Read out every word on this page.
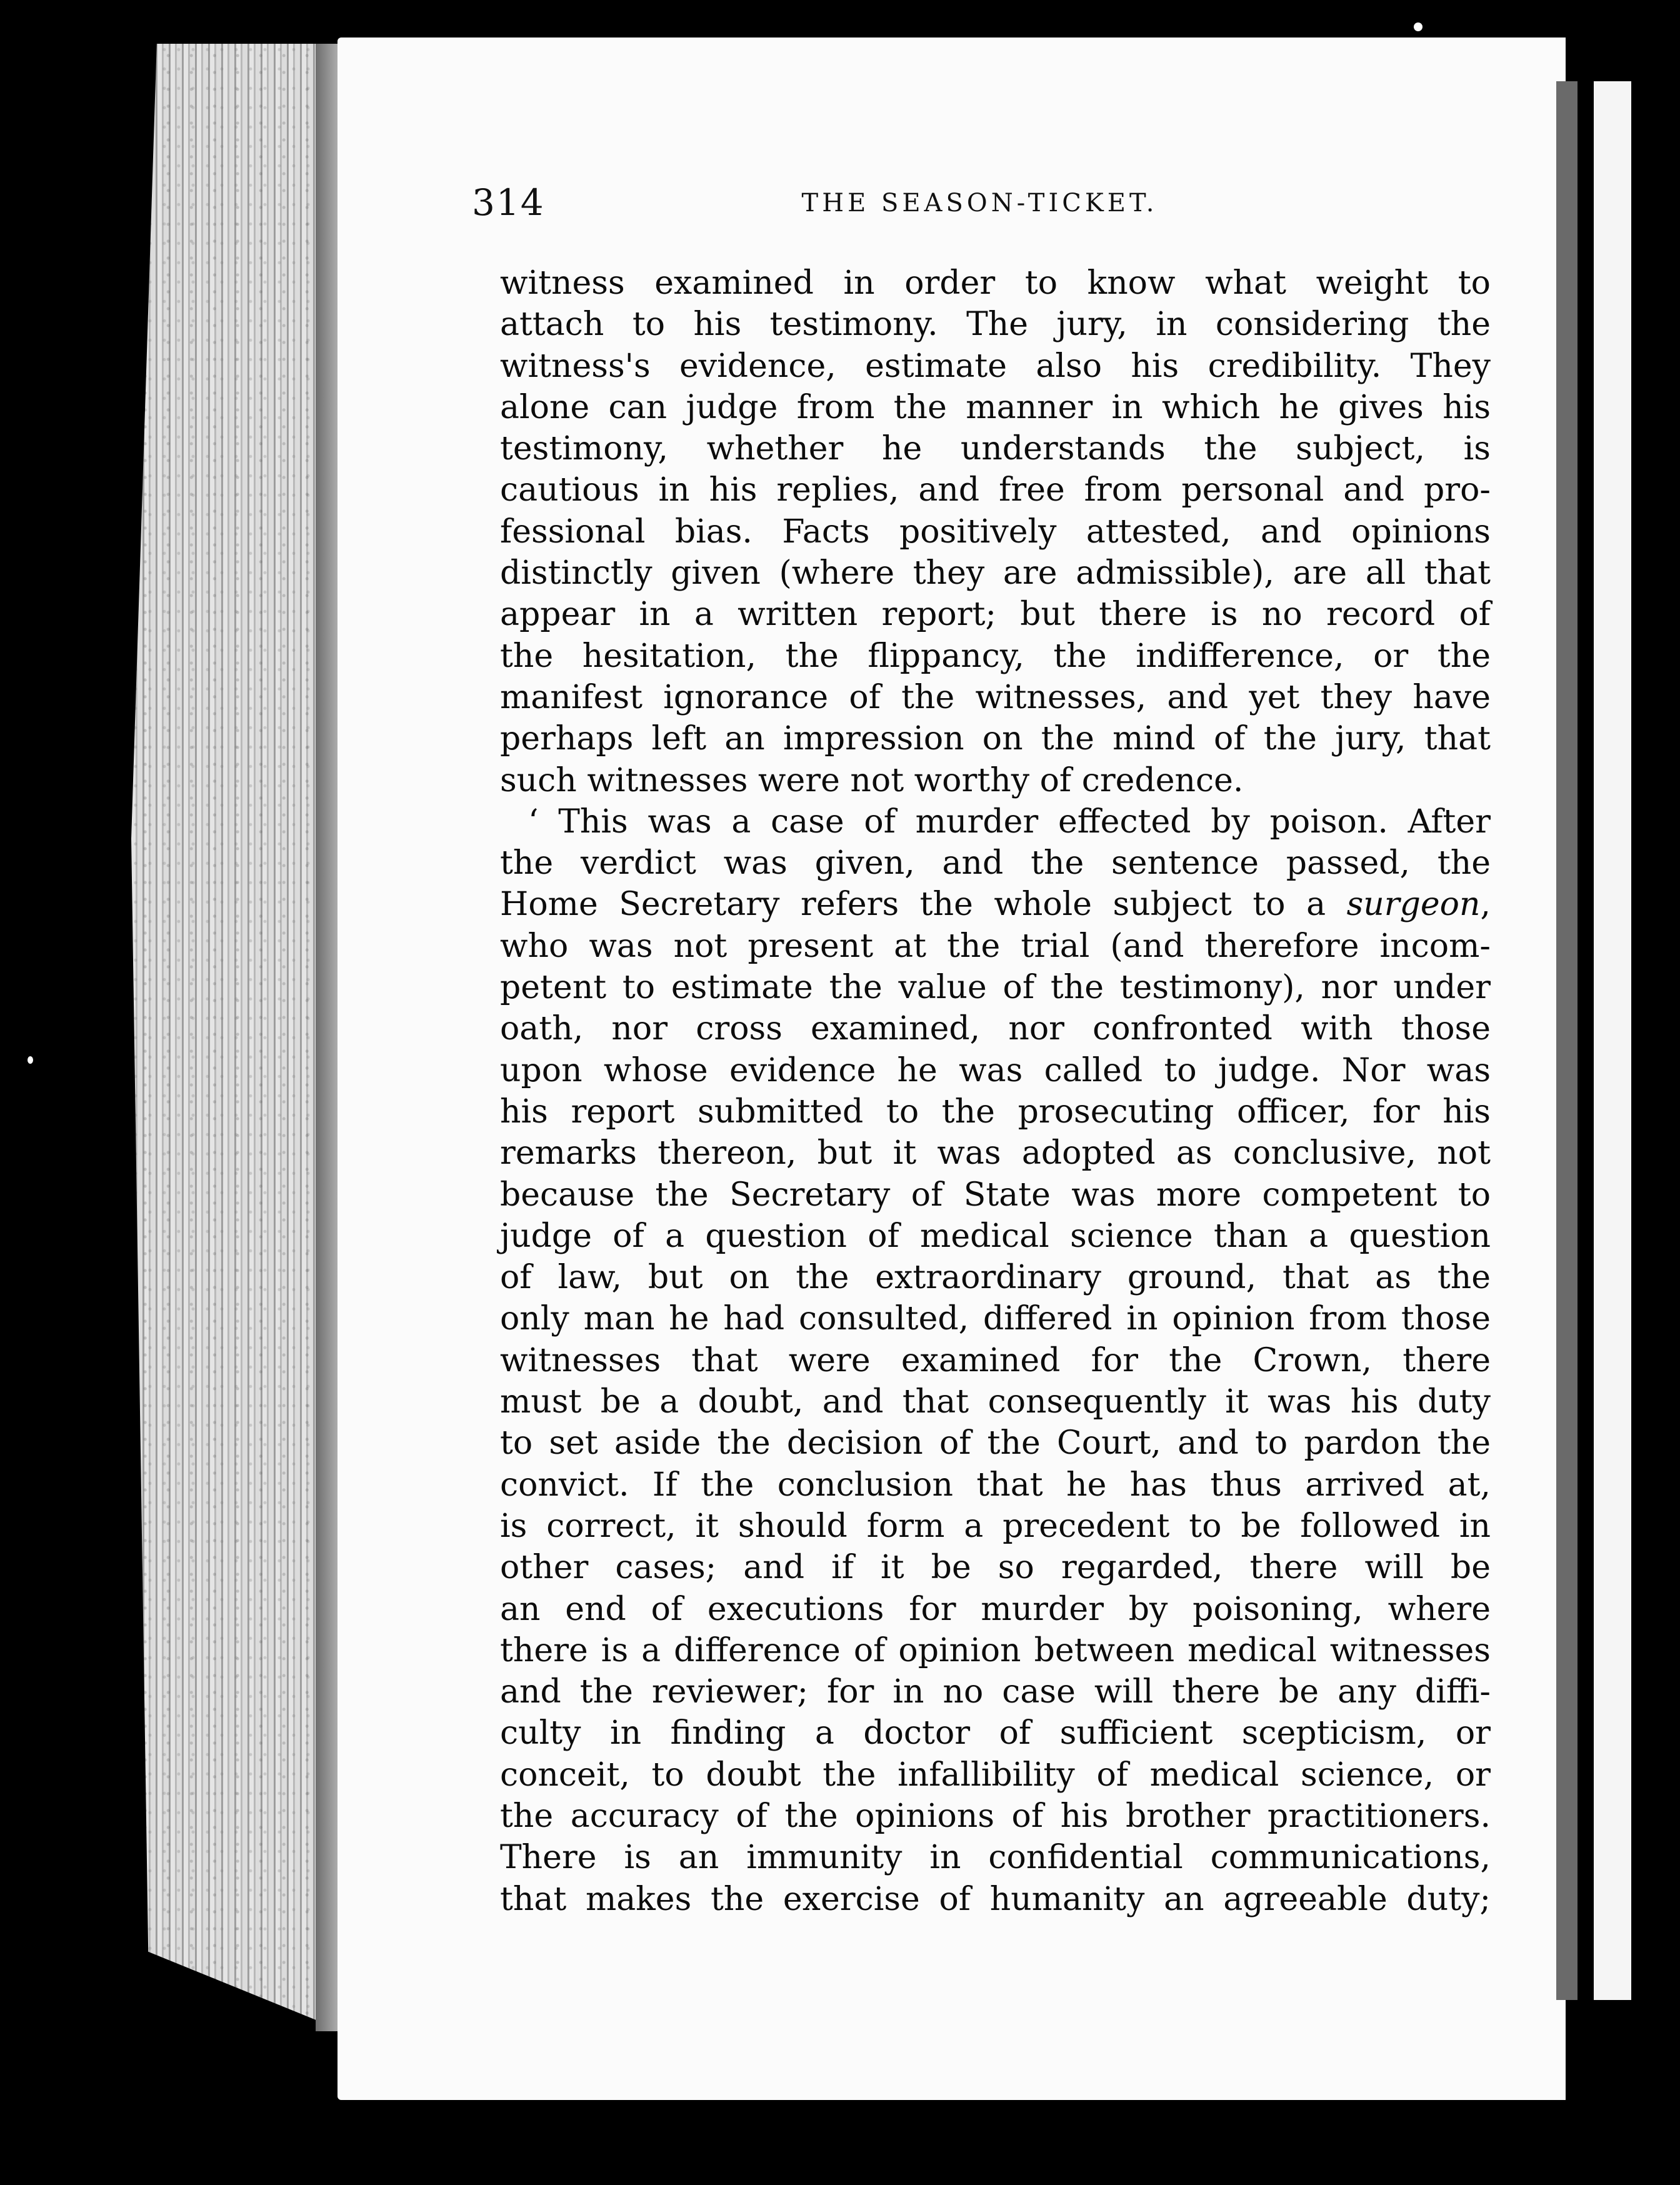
314	THE SEASON-TICKET.
witness examined in order to know what weight to
attach to his testimony. The jury, in considering the
witness's evidence, estimate also his credibility. They
alone can judge from the manner in which he gives his
testimony, whether he understands the subject, is
cautious in his replies, and free from personal and pro-
fessional bias. Facts positively attested, and opinions
distinctly given (where they are admissible), are all that
appear in a written report; but there is no record of
the hesitation, the flippancy, the indifference, or the
manifest ignorance of the witnesses, and yet they have
perhaps left an impression on the mind of the jury, that
such witnesses were not worthy of credence.
‘ This was a case of murder effected by poison. After
the verdict was given, and the sentence passed, the
Home Secretary refers the whole subject to a surgeon,
who was not present at the trial (and therefore incom-
petent to estimate the value of the testimony), nor under
oath, nor cross examined, nor confronted with those
upon whose evidence he was called to judge. Nor was
his report submitted to the prosecuting officer, for his
remarks thereon, but it was adopted as conclusive, not
because the Secretary of State was more competent to
judge of a question of medical science than a question
of law, but on the extraordinary ground, that as the
only man he had consulted, differed in opinion from those
witnesses that were examined for the Crown, there
must be a doubt, and that consequently it was his duty
to set aside the decision of the Court, and to pardon the
convict. If the conclusion that he has thus arrived at,
is correct, it should form a precedent to be followed in
other cases; and if it be so regarded, there will be
an end of executions for murder by poisoning, where
there is a difference of opinion between medical witnesses
and the reviewer; for in no case will there be any diffi-
culty in finding a doctor of sufficient scepticism, or
conceit, to doubt the infallibility of medical science, or
the accuracy of the opinions of his brother practitioners.
There is an immunity in confidential communications,
that makes the exercise of humanity an agreeable duty;
